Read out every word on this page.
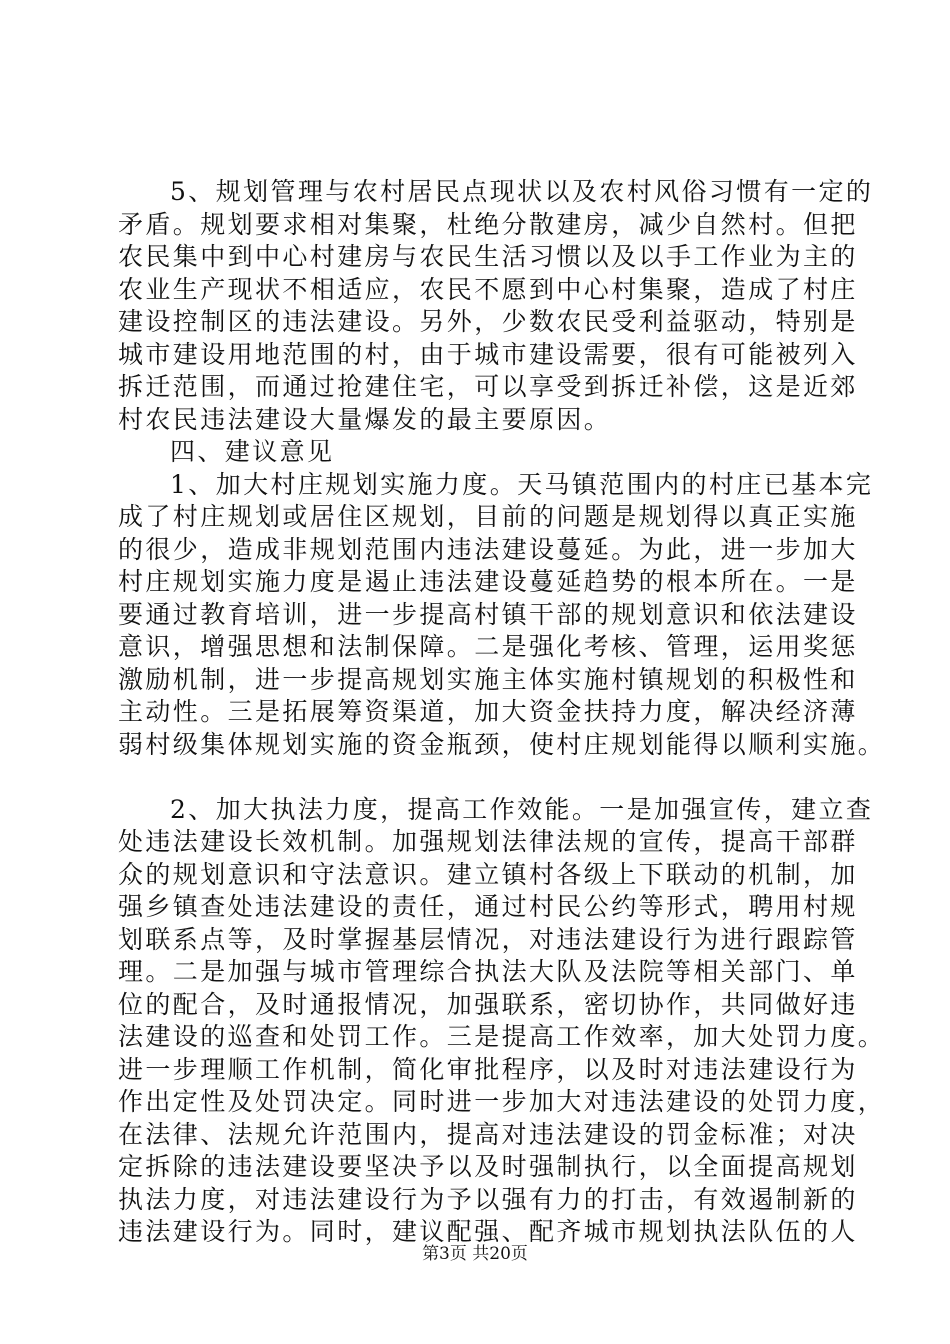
5、规划管理与农村居民点现状以及农村风俗习惯有一定的
矛盾。规划要求相对集聚，杜绝分散建房，减少自然村。但把
农民集中到中心村建房与农民生活习惯以及以手工作业为主的
农业生产现状不相适应，农民不愿到中心村集聚，造成了村庄
建设控制区的违法建设。另外，少数农民受利益驱动，特别是
城市建设用地范围的村，由于城市建设需要，很有可能被列入
拆迁范围，而通过抢建住宅，可以享受到拆迁补偿，这是近郊
村农民违法建设大量爆发的最主要原因。
四、建议意见
1、加大村庄规划实施力度。天马镇范围内的村庄已基本完
成了村庄规划或居住区规划，目前的问题是规划得以真正实施
的很少，造成非规划范围内违法建设蔓延。为此，进一步加大
村庄规划实施力度是遏止违法建设蔓延趋势的根本所在。一是
要通过教育培训，进一步提高村镇干部的规划意识和依法建设
意识，增强思想和法制保障。二是强化考核、管理，运用奖惩
激励机制，进一步提高规划实施主体实施村镇规划的积极性和
主动性。三是拓展筹资渠道，加大资金扶持力度，解决经济薄
弱村级集体规划实施的资金瓶颈，使村庄规划能得以顺利实施。
2、加大执法力度，提高工作效能。一是加强宣传，建立查
处违法建设长效机制。加强规划法律法规的宣传，提高干部群
众的规划意识和守法意识。建立镇村各级上下联动的机制，加
强乡镇查处违法建设的责任，通过村民公约等形式，聘用村规
划联系点等，及时掌握基层情况，对违法建设行为进行跟踪管
理。二是加强与城市管理综合执法大队及法院等相关部门、单
位的配合，及时通报情况，加强联系，密切协作，共同做好违
法建设的巡查和处罚工作。三是提高工作效率，加大处罚力度。
进一步理顺工作机制，简化审批程序，以及时对违法建设行为
作出定性及处罚决定。同时进一步加大对违法建设的处罚力度，
在法律、法规允许范围内，提高对违法建设的罚金标准；对决
定拆除的违法建设要坚决予以及时强制执行，以全面提高规划
执法力度，对违法建设行为予以强有力的打击，有效遏制新的
违法建设行为。同时，建议配强、配齐城市规划执法队伍的人
第3页 共20页
